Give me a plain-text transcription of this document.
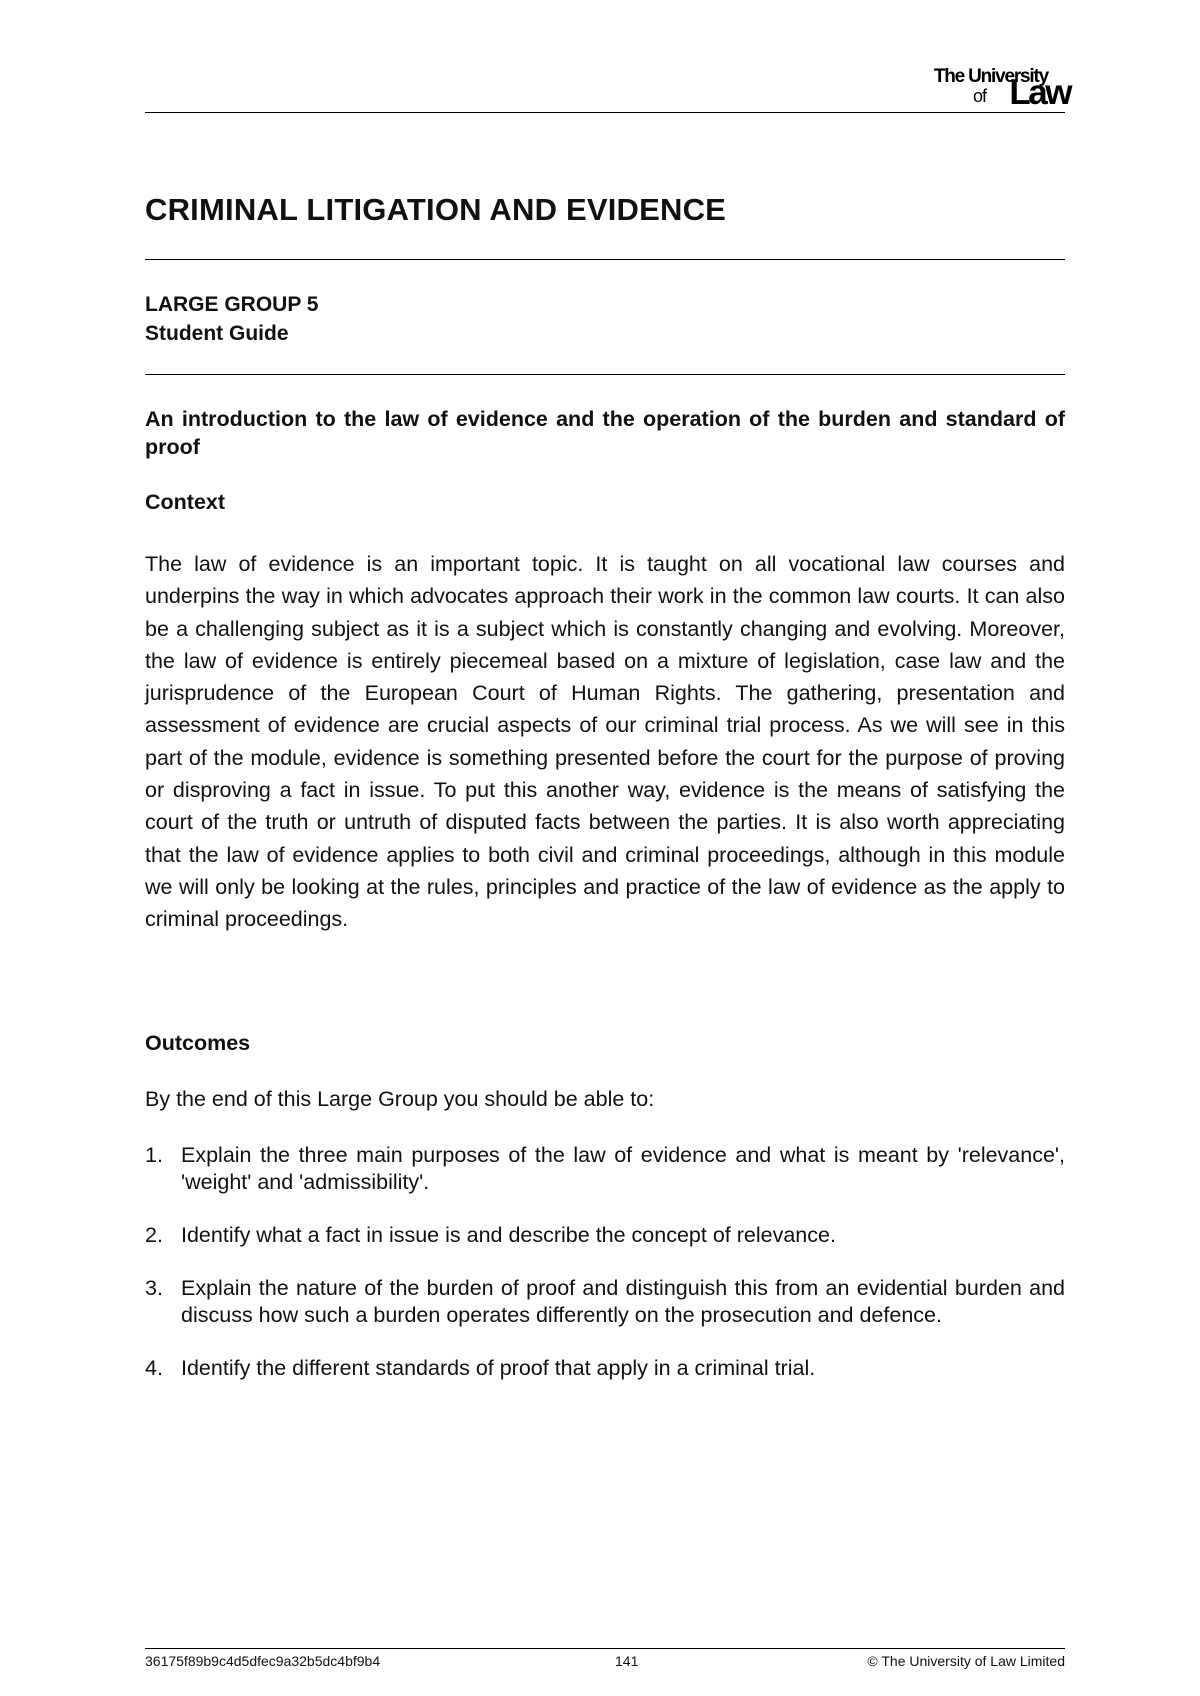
The University
of Law
CRIMINAL LITIGATION AND EVIDENCE
LARGE GROUP 5
Student Guide
An introduction to the law of evidence and the operation of the burden and standard of proof
Context

The law of evidence is an important topic. It is taught on all vocational law courses and underpins the way in which advocates approach their work in the common law courts. It can also be a challenging subject as it is a subject which is constantly changing and evolving. Moreover, the law of evidence is entirely piecemeal based on a mixture of legislation, case law and the jurisprudence of the European Court of Human Rights. The gathering, presentation and assessment of evidence are crucial aspects of our criminal trial process. As we will see in this part of the module, evidence is something presented before the court for the purpose of proving or disproving a fact in issue. To put this another way, evidence is the means of satisfying the court of the truth or untruth of disputed facts between the parties. It is also worth appreciating that the law of evidence applies to both civil and criminal proceedings, although in this module we will only be looking at the rules, principles and practice of the law of evidence as the apply to criminal proceedings.

Outcomes
By the end of this Large Group you should be able to:
1. Explain the three main purposes of the law of evidence and what is meant by 'relevance', 'weight' and 'admissibility'.
2. Identify what a fact in issue is and describe the concept of relevance.
3. Explain the nature of the burden of proof and distinguish this from an evidential burden and discuss how such a burden operates differently on the prosecution and defence.
4. Identify the different standards of proof that apply in a criminal trial.
36175f89b9c4d5dfec9a32b5dc4bf9b4	141	© The University of Law Limited
